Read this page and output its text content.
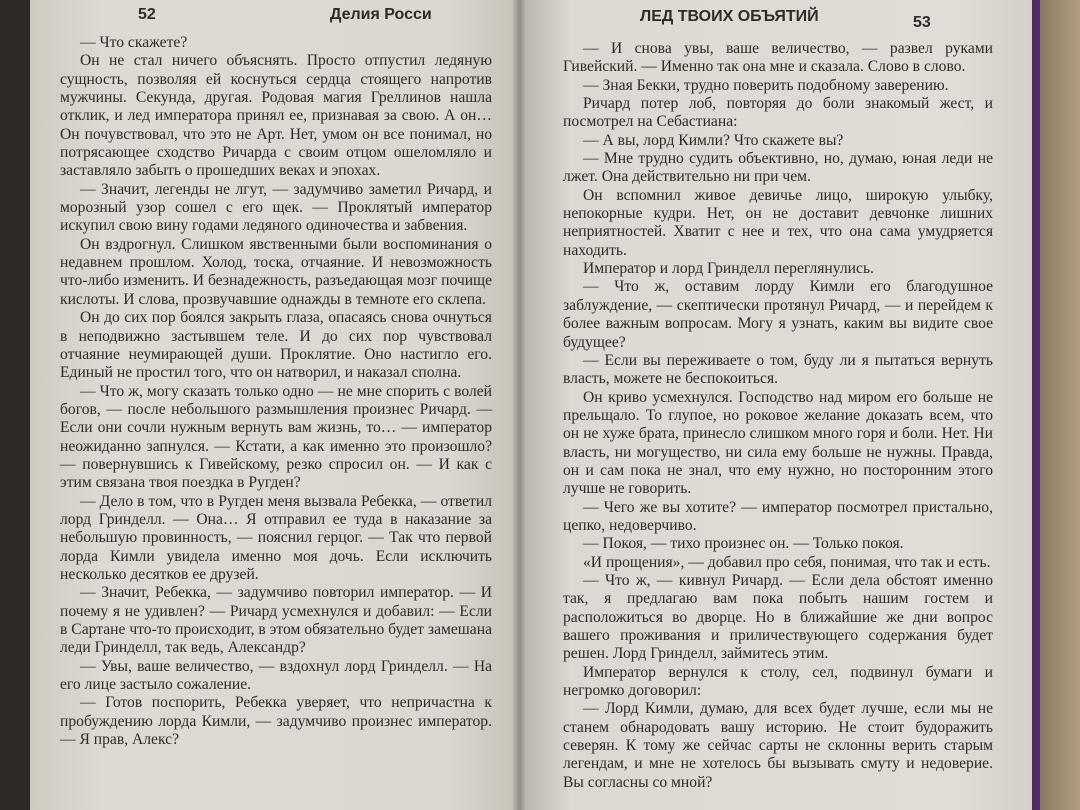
52	Делия Росси

— Что скажете?

Он не стал ничего объяснять. Просто отпустил ледяную сущность, позволяя ей коснуться сердца стоящего напротив мужчины. Секунда, другая. Родовая магия Греллинов нашла отклик, и лед императора принял ее, признавая за свою. А он… Он почувствовал, что это не Арт. Нет, умом он все понимал, но потрясающее сходство Ричарда с своим отцом ошеломляло и заставляло забыть о прошедших веках и эпохах.

— Значит, легенды не лгут, — задумчиво заметил Ричард, и морозный узор сошел с его щек. — Проклятый император искупил свою вину годами ледяного одиночества и забвения.

Он вздрогнул. Слишком явственными были воспоминания о недавнем прошлом. Холод, тоска, отчаяние. И невозможность что-либо изменить. И безнадежность, разъедающая мозг почище кислоты. И слова, прозвучавшие однажды в темноте его склепа.

Он до сих пор боялся закрыть глаза, опасаясь снова очнуться в неподвижно застывшем теле. И до сих пор чувствовал отчаяние неумирающей души. Проклятие. Оно настигло его. Единый не простил того, что он натворил, и наказал сполна.

— Что ж, могу сказать только одно — не мне спорить с волей богов, — после небольшого размышления произнес Ричард. — Если они сочли нужным вернуть вам жизнь, то… — император неожиданно запнулся. — Кстати, а как именно это произошло? — повернувшись к Гивейскому, резко спросил он. — И как с этим связана твоя поездка в Ругден?

— Дело в том, что в Ругден меня вызвала Ребекка, — ответил лорд Гринделл. — Она… Я отправил ее туда в наказание за небольшую провинность, — пояснил герцог. — Так что первой лорда Кимли увидела именно моя дочь. Если исключить несколько десятков ее друзей.

— Значит, Ребекка, — задумчиво повторил император. — И почему я не удивлен? — Ричард усмехнулся и добавил: — Если в Сартане что-то происходит, в этом обязательно будет замешана леди Гринделл, так ведь, Александр?

— Увы, ваше величество, — вздохнул лорд Гринделл. — На его лице застыло сожаление.

— Готов поспорить, Ребекка уверяет, что непричастна к пробуждению лорда Кимли, — задумчиво произнес император. — Я прав, Алекс?

ЛЕД ТВОИХ ОБЪЯТИЙ	53

— И снова увы, ваше величество, — развел руками Гивейский. — Именно так она мне и сказала. Слово в слово.

— Зная Бекки, трудно поверить подобному заверению.

Ричард потер лоб, повторяя до боли знакомый жест, и посмотрел на Себастиана:

— А вы, лорд Кимли? Что скажете вы?

— Мне трудно судить объективно, но, думаю, юная леди не лжет. Она действительно ни при чем.

Он вспомнил живое девичье лицо, широкую улыбку, непокорные кудри. Нет, он не доставит девчонке лишних неприятностей. Хватит с нее и тех, что она сама умудряется находить.

Император и лорд Гринделл переглянулись.

— Что ж, оставим лорду Кимли его благодушное заблуждение, — скептически протянул Ричард, — и перейдем к более важным вопросам. Могу я узнать, каким вы видите свое будущее?

— Если вы переживаете о том, буду ли я пытаться вернуть власть, можете не беспокоиться.

Он криво усмехнулся. Господство над миром его больше не прельщало. То глупое, но роковое желание доказать всем, что он не хуже брата, принесло слишком много горя и боли. Нет. Ни власть, ни могущество, ни сила ему больше не нужны. Правда, он и сам пока не знал, что ему нужно, но посторонним этого лучше не говорить.

— Чего же вы хотите? — император посмотрел пристально, цепко, недоверчиво.

— Покоя, — тихо произнес он. — Только покоя.

«И прощения», — добавил про себя, понимая, что так и есть.

— Что ж, — кивнул Ричард. — Если дела обстоят именно так, я предлагаю вам пока побыть нашим гостем и расположиться во дворце. Но в ближайшие же дни вопрос вашего проживания и приличествующего содержания будет решен. Лорд Гринделл, займитесь этим.

Император вернулся к столу, сел, подвинул бумаги и негромко договорил:

— Лорд Кимли, думаю, для всех будет лучше, если мы не станем обнародовать вашу историю. Не стоит будоражить северян. К тому же сейчас сарты не склонны верить старым легендам, и мне не хотелось бы вызывать смуту и недоверие. Вы согласны со мной?
